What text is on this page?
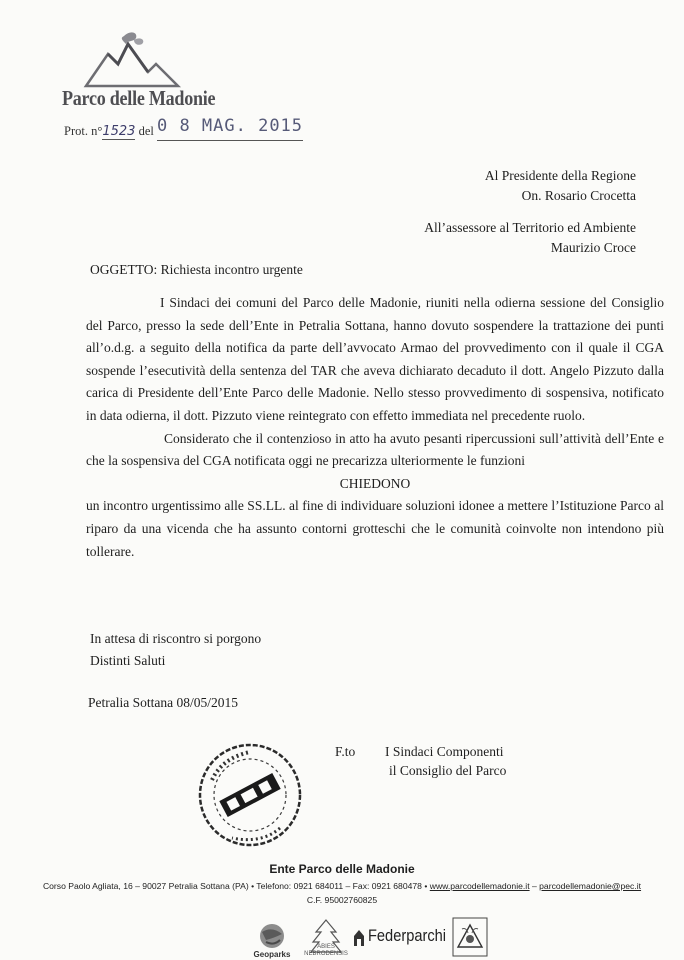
Parco delle Madonie
Prot. n°1523 del 0 8 MAG. 2015
Al Presidente della Regione
On. Rosario Crocetta
All’assessore al Territorio ed Ambiente
Maurizio Croce
OGGETTO: Richiesta incontro urgente

I Sindaci dei comuni del Parco delle Madonie, riuniti nella odierna sessione del Consiglio del Parco, presso la sede dell’Ente in Petralia Sottana, hanno dovuto sospendere la trattazione dei punti all’o.d.g. a seguito della notifica da parte dell’avvocato Armao del provvedimento con il quale il CGA sospende l’esecutività della sentenza del TAR che aveva dichiarato decaduto il dott. Angelo Pizzuto dalla carica di Presidente dell’Ente Parco delle Madonie. Nello stesso provvedimento di sospensiva, notificato in data odierna, il dott. Pizzuto viene reintegrato con effetto immediata nel precedente ruolo.

Considerato che il contenzioso in atto ha avuto pesanti ripercussioni sull’attività dell’Ente e che la sospensiva del CGA notificata oggi ne precarizza ulteriormente le funzioni

CHIEDONO

un incontro urgentissimo alle SS.LL. al fine di individuare soluzioni idonee a mettere l’Istituzione Parco al riparo da una vicenda che ha assunto contorni grotteschi che le comunità coinvolte non intendono più tollerare.

In attesa di riscontro si porgono
Distinti Saluti
Petralia Sottana 08/05/2015
F.to I Sindaci Componenti
il Consiglio del Parco
Ente Parco delle Madonie
Corso Paolo Agliata, 16 – 90027 Petralia Sottana (PA) • Telefono: 0921 684011 – Fax: 0921 680478 • www.parcodellemadonie.it – parcodellemadonie@pec.it
C.F. 95002760825
Geoparks
ABIES NEBRODENSIS
Federparchi
